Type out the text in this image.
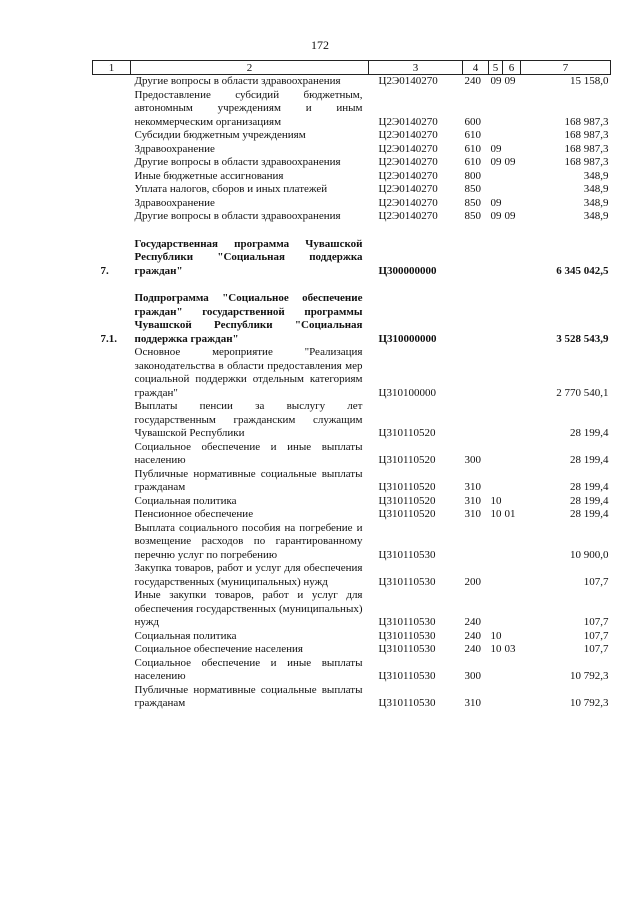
172
1	2	3	4	5	6	7
	Другие вопросы в области здравоохранения	Ц2Э0140270	240	09	09	15 158,0
	Предоставление субсидий бюджетным, автономным учреждениям и иным некоммерческим организациям	Ц2Э0140270	600			168 987,3
	Субсидии бюджетным учреждениям	Ц2Э0140270	610			168 987,3
	Здравоохранение	Ц2Э0140270	610	09		168 987,3
	Другие вопросы в области здравоохранения	Ц2Э0140270	610	09	09	168 987,3
	Иные бюджетные ассигнования	Ц2Э0140270	800			348,9
	Уплата налогов, сборов и иных платежей	Ц2Э0140270	850			348,9
	Здравоохранение	Ц2Э0140270	850	09		348,9
	Другие вопросы в области здравоохранения	Ц2Э0140270	850	09	09	348,9
7.	Государственная программа Чувашской Республики "Социальная поддержка граждан"	Ц300000000				6 345 042,5
7.1.	Подпрограмма "Социальное обеспечение граждан" государственной программы Чувашской Республики "Социальная поддержка граждан"	Ц310000000				3 528 543,9
	Основное мероприятие "Реализация законодательства в области предоставления мер социальной поддержки отдельным категориям граждан"	Ц310100000				2 770 540,1
	Выплаты пенсии за выслугу лет государственным гражданским служащим Чувашской Республики	Ц310110520				28 199,4
	Социальное обеспечение и иные выплаты населению	Ц310110520	300			28 199,4
	Публичные нормативные социальные выплаты гражданам	Ц310110520	310			28 199,4
	Социальная политика	Ц310110520	310	10		28 199,4
	Пенсионное обеспечение	Ц310110520	310	10	01	28 199,4
	Выплата социального пособия на погребение и возмещение расходов по гарантированному перечню услуг по погребению	Ц310110530				10 900,0
	Закупка товаров, работ и услуг для обеспечения государственных (муниципальных) нужд	Ц310110530	200			107,7
	Иные закупки товаров, работ и услуг для обеспечения государственных (муниципальных) нужд	Ц310110530	240			107,7
	Социальная политика	Ц310110530	240	10		107,7
	Социальное обеспечение населения	Ц310110530	240	10	03	107,7
	Социальное обеспечение и иные выплаты населению	Ц310110530	300			10 792,3
	Публичные нормативные социальные выплаты гражданам	Ц310110530	310			10 792,3
